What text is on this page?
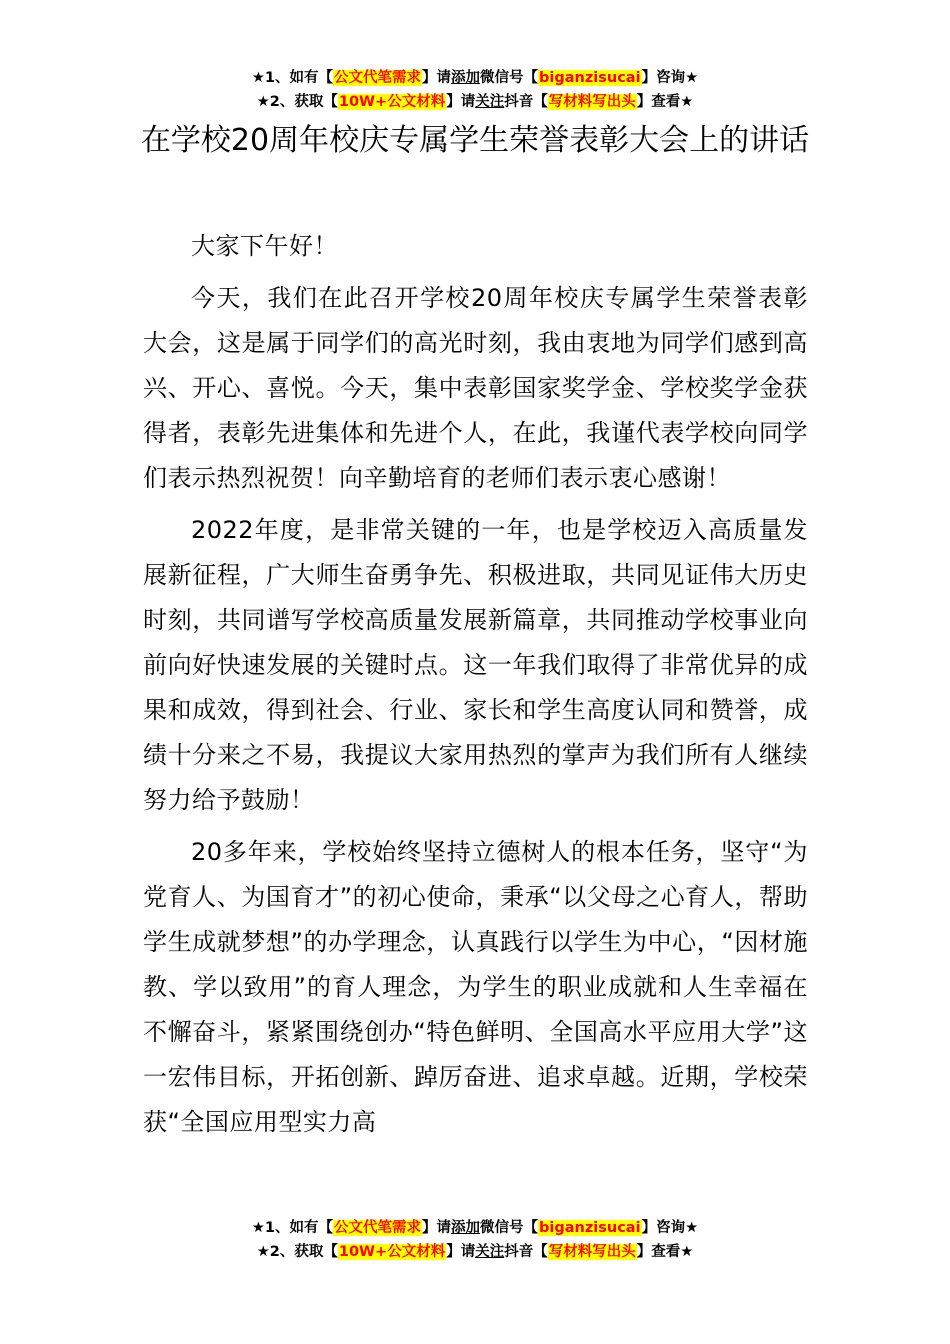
★1、如有【公文代笔需求】请添加微信号【biganzisucai】咨询★
★2、获取【10W+公文材料】请关注抖音【写材料写出头】查看★
在学校20周年校庆专属学生荣誉表彰大会上的讲话

大家下午好！

今天，我们在此召开学校20周年校庆专属学生荣誉表彰大会，这是属于同学们的高光时刻，我由衷地为同学们感到高兴、开心、喜悦。今天，集中表彰国家奖学金、学校奖学金获得者，表彰先进集体和先进个人，在此，我谨代表学校向同学们表示热烈祝贺！向辛勤培育的老师们表示衷心感谢！

2022年度，是非常关键的一年，也是学校迈入高质量发展新征程，广大师生奋勇争先、积极进取，共同见证伟大历史时刻，共同谱写学校高质量发展新篇章，共同推动学校事业向前向好快速发展的关键时点。这一年我们取得了非常优异的成果和成效，得到社会、行业、家长和学生高度认同和赞誉，成绩十分来之不易，我提议大家用热烈的掌声为我们所有人继续努力给予鼓励！

20多年来，学校始终坚持立德树人的根本任务，坚守“为党育人、为国育才”的初心使命，秉承“以父母之心育人，帮助学生成就梦想”的办学理念，认真践行以学生为中心，“因材施教、学以致用”的育人理念，为学生的职业成就和人生幸福在不懈奋斗，紧紧围绕创办“特色鲜明、全国高水平应用大学”这一宏伟目标，开拓创新、踔厉奋进、追求卓越。近期，学校荣获“全国应用型实力高

★1、如有【公文代笔需求】请添加微信号【biganzisucai】咨询★
★2、获取【10W+公文材料】请关注抖音【写材料写出头】查看★
